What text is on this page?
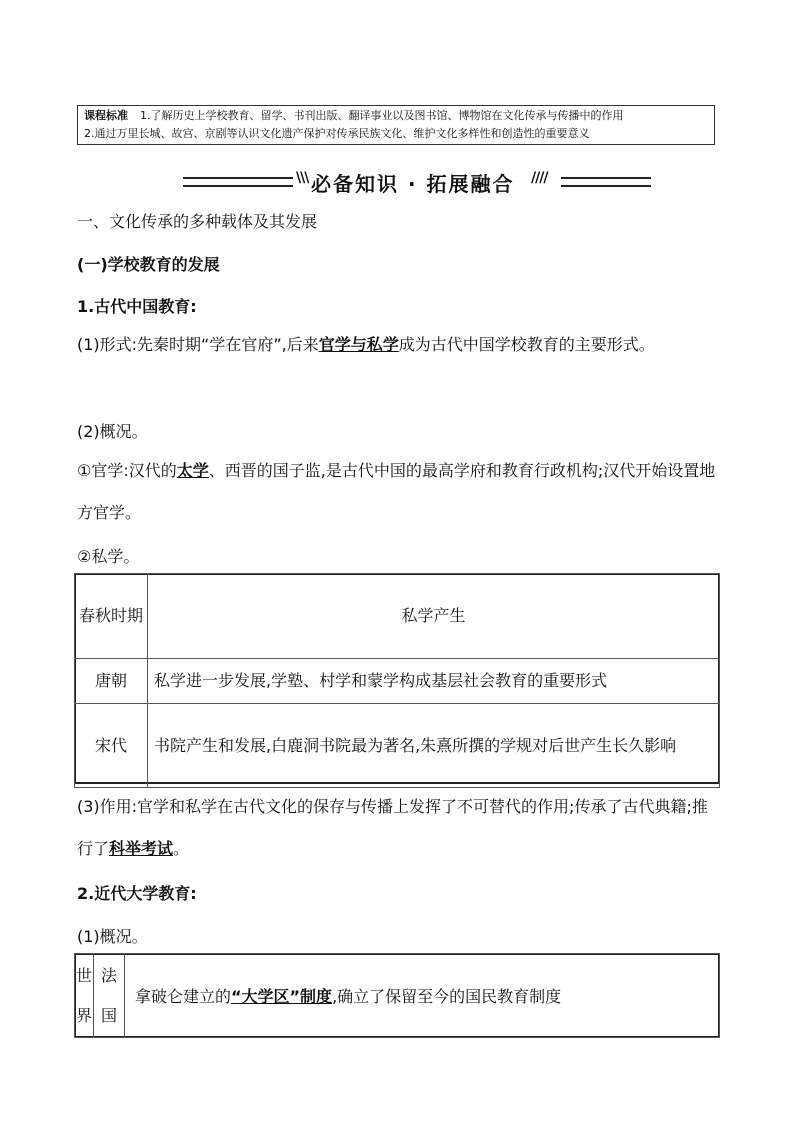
课程标准 1.了解历史上学校教育、留学、书刊出版、翻译事业以及图书馆、博物馆在文化传承与传播中的作用
2.通过万里长城、故宫、京剧等认识文化遗产保护对传承民族文化、维护文化多样性和创造性的重要意义
\\\ 必备知识 · 拓展融合 ////
一、文化传承的多种载体及其发展
(一)学校教育的发展
1.古代中国教育:
(1)形式:先秦时期“学在官府”,后来官学与私学成为古代中国学校教育的主要形式。
(2)概况。
①官学:汉代的太学、西晋的国子监,是古代中国的最高学府和教育行政机构;汉代开始设置地方官学。
②私学。
春秋时期	私学产生
唐朝	私学进一步发展,学塾、村学和蒙学构成基层社会教育的重要形式
宋代	书院产生和发展,白鹿洞书院最为著名,朱熹所撰的学规对后世产生长久影响
(3)作用:官学和私学在古代文化的保存与传播上发挥了不可替代的作用;传承了古代典籍;推行了科举考试。
2.近代大学教育:
(1)概况。
世界	法国	拿破仑建立的“大学区”制度,确立了保留至今的国民教育制度
